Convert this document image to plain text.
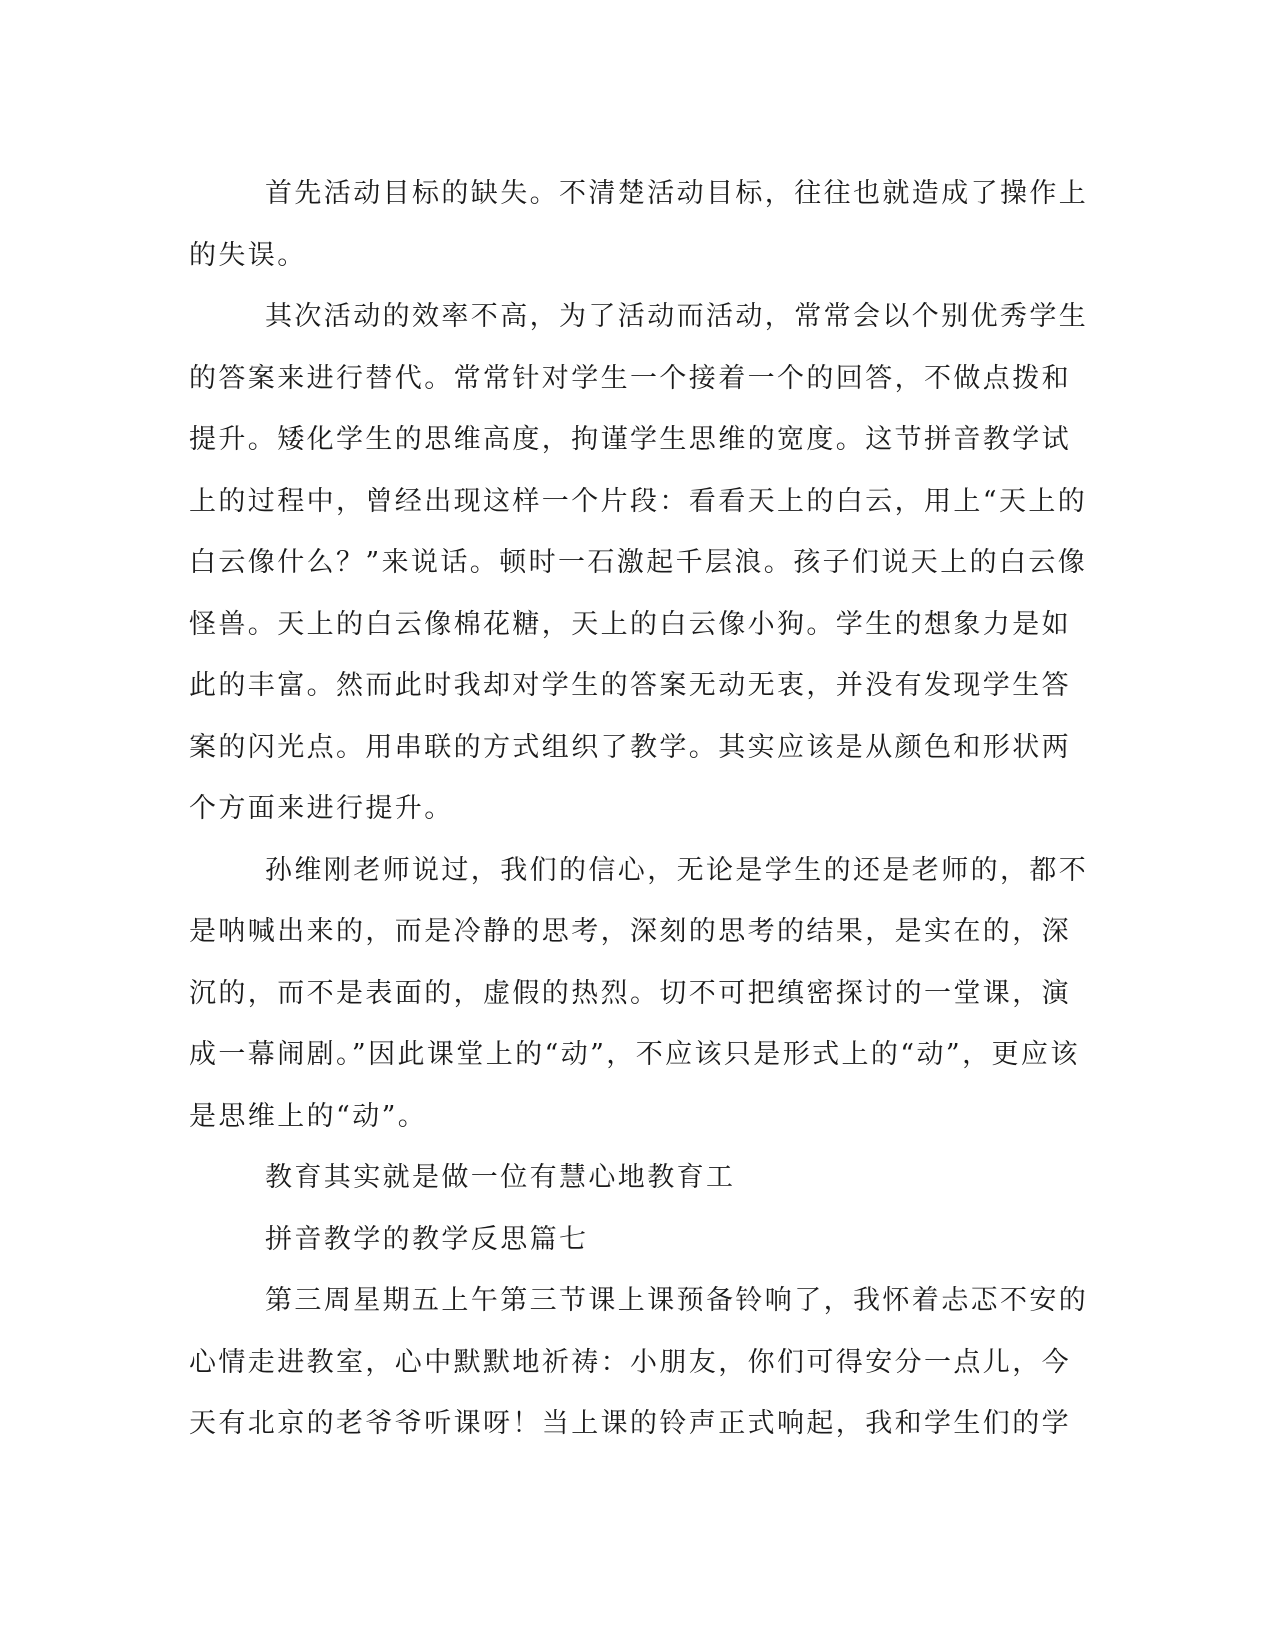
首先活动目标的缺失。不清楚活动目标，往往也就造成了操作上
的失误。

其次活动的效率不高，为了活动而活动，常常会以个别优秀学生
的答案来进行替代。常常针对学生一个接着一个的回答，不做点拨和
提升。矮化学生的思维高度，拘谨学生思维的宽度。这节拼音教学试
上的过程中，曾经出现这样一个片段：看看天上的白云，用上“天上的
白云像什么？”来说话。顿时一石激起千层浪。孩子们说天上的白云像
怪兽。天上的白云像棉花糖，天上的白云像小狗。学生的想象力是如
此的丰富。然而此时我却对学生的答案无动无衷，并没有发现学生答
案的闪光点。用串联的方式组织了教学。其实应该是从颜色和形状两
个方面来进行提升。

孙维刚老师说过，我们的信心，无论是学生的还是老师的，都不
是呐喊出来的，而是冷静的思考，深刻的思考的结果，是实在的，深
沉的，而不是表面的，虚假的热烈。切不可把缜密探讨的一堂课，演
成一幕闹剧。”因此课堂上的“动”，不应该只是形式上的“动”，更应该
是思维上的“动”。

教育其实就是做一位有慧心地教育工

拼音教学的教学反思篇七

第三周星期五上午第三节课上课预备铃响了，我怀着忐忑不安的
心情走进教室，心中默默地祈祷：小朋友，你们可得安分一点儿，今
天有北京的老爷爷听课呀！当上课的铃声正式响起，我和学生们的学
